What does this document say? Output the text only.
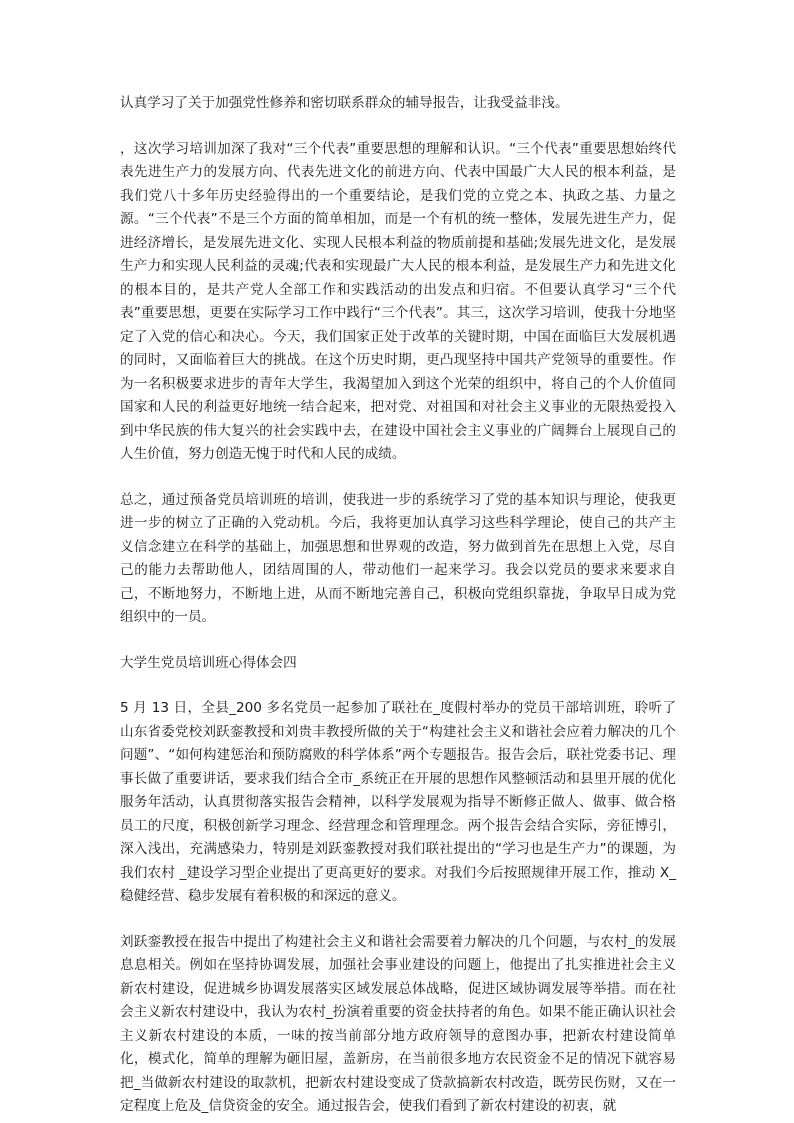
认真学习了关于加强党性修养和密切联系群众的辅导报告，让我受益非浅。

，这次学习培训加深了我对“三个代表”重要思想的理解和认识。“三个代表”重要思想始终代表先进生产力的发展方向、代表先进文化的前进方向、代表中国最广大人民的根本利益，是我们党八十多年历史经验得出的一个重要结论，是我们党的立党之本、执政之基、力量之源。“三个代表”不是三个方面的简单相加，而是一个有机的统一整体，发展先进生产力，促进经济增长，是发展先进文化、实现人民根本利益的物质前提和基础;发展先进文化，是发展生产力和实现人民利益的灵魂;代表和实现最广大人民的根本利益，是发展生产力和先进文化的根本目的，是共产党人全部工作和实践活动的出发点和归宿。不但要认真学习“三个代表”重要思想，更要在实际学习工作中践行“三个代表”。其三，这次学习培训，使我十分地坚定了入党的信心和决心。今天，我们国家正处于改革的关键时期，中国在面临巨大发展机遇的同时，又面临着巨大的挑战。在这个历史时期，更凸现坚持中国共产党领导的重要性。作为一名积极要求进步的青年大学生，我渴望加入到这个光荣的组织中，将自己的个人价值同国家和人民的利益更好地统一结合起来，把对党、对祖国和对社会主义事业的无限热爱投入到中华民族的伟大复兴的社会实践中去，在建设中国社会主义事业的广阔舞台上展现自己的人生价值，努力创造无愧于时代和人民的成绩。

总之，通过预备党员培训班的培训，使我进一步的系统学习了党的基本知识与理论，使我更进一步的树立了正确的入党动机。今后，我将更加认真学习这些科学理论，使自己的共产主义信念建立在科学的基础上，加强思想和世界观的改造，努力做到首先在思想上入党，尽自己的能力去帮助他人，团结周围的人，带动他们一起来学习。我会以党员的要求来要求自己，不断地努力，不断地上进，从而不断地完善自己，积极向党组织靠拢，争取早日成为党组织中的一员。

大学生党员培训班心得体会四

5 月 13 日，全县_200 多名党员一起参加了联社在_度假村举办的党员干部培训班，聆听了山东省委党校刘跃銮教授和刘贵丰教授所做的关于“构建社会主义和谐社会应着力解决的几个问题”、“如何构建惩治和预防腐败的科学体系”两个专题报告。报告会后，联社党委书记、理事长做了重要讲话，要求我们结合全市_系统正在开展的思想作风整顿活动和县里开展的优化服务年活动，认真贯彻落实报告会精神，以科学发展观为指导不断修正做人、做事、做合格员工的尺度，积极创新学习理念、经营理念和管理理念。两个报告会结合实际，旁征博引，深入浅出，充满感染力，特别是刘跃銮教授对我们联社提出的“学习也是生产力”的课题，为我们农村 _建设学习型企业提出了更高更好的要求。对我们今后按照规律开展工作，推动 X_稳健经营、稳步发展有着积极的和深远的意义。

刘跃銮教授在报告中提出了构建社会主义和谐社会需要着力解决的几个问题，与农村_的发展息息相关。例如在坚持协调发展，加强社会事业建设的问题上，他提出了扎实推进社会主义新农村建设，促进城乡协调发展落实区域发展总体战略，促进区域协调发展等举措。而在社会主义新农村建设中，我认为农村_扮演着重要的资金扶持者的角色。如果不能正确认识社会主义新农村建设的本质，一味的按当前部分地方政府领导的意图办事，把新农村建设简单化，模式化，简单的理解为砸旧屋，盖新房，在当前很多地方农民资金不足的情况下就容易把_当做新农村建设的取款机，把新农村建设变成了贷款搞新农村改造，既劳民伤财，又在一定程度上危及_信贷资金的安全。通过报告会，使我们看到了新农村建设的初衷，就
